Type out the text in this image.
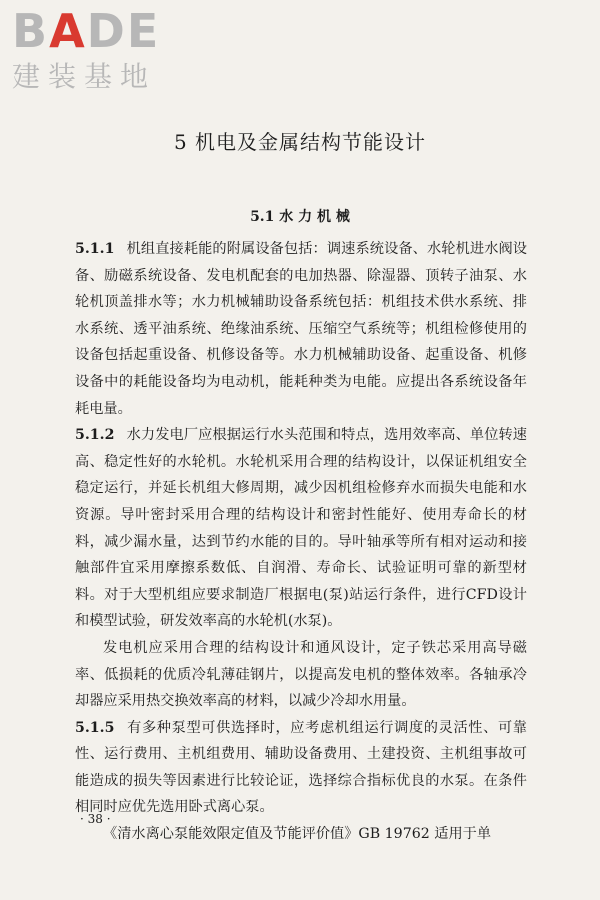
BADE
建装基地
5 机电及金属结构节能设计
5.1 水 力 机 械

5.1.1 机组直接耗能的附属设备包括：调速系统设备、水轮机进水阀设备、励磁系统设备、发电机配套的电加热器、除湿器、顶转子油泵、水轮机顶盖排水等；水力机械辅助设备系统包括：机组技术供水系统、排水系统、透平油系统、绝缘油系统、压缩空气系统等；机组检修使用的设备包括起重设备、机修设备等。水力机械辅助设备、起重设备、机修设备中的耗能设备均为电动机，能耗种类为电能。应提出各系统设备年耗电量。

5.1.2 水力发电厂应根据运行水头范围和特点，选用效率高、单位转速高、稳定性好的水轮机。水轮机采用合理的结构设计，以保证机组安全稳定运行，并延长机组大修周期，减少因机组检修弃水而损失电能和水资源。导叶密封采用合理的结构设计和密封性能好、使用寿命长的材料，减少漏水量，达到节约水能的目的。导叶轴承等所有相对运动和接触部件宜采用摩擦系数低、自润滑、寿命长、试验证明可靠的新型材料。对于大型机组应要求制造厂根据电(泵)站运行条件，进行CFD设计和模型试验，研发效率高的水轮机(水泵)。

发电机应采用合理的结构设计和通风设计，定子铁芯采用高导磁率、低损耗的优质冷轧薄硅钢片，以提高发电机的整体效率。各轴承冷却器应采用热交换效率高的材料，以减少冷却水用量。

5.1.5 有多种泵型可供选择时，应考虑机组运行调度的灵活性、可靠性、运行费用、主机组费用、辅助设备费用、土建投资、主机组事故可能造成的损失等因素进行比较论证，选择综合指标优良的水泵。在条件相同时应优先选用卧式离心泵。

《清水离心泵能效限定值及节能评价值》GB 19762 适用于单

· 38 ·
